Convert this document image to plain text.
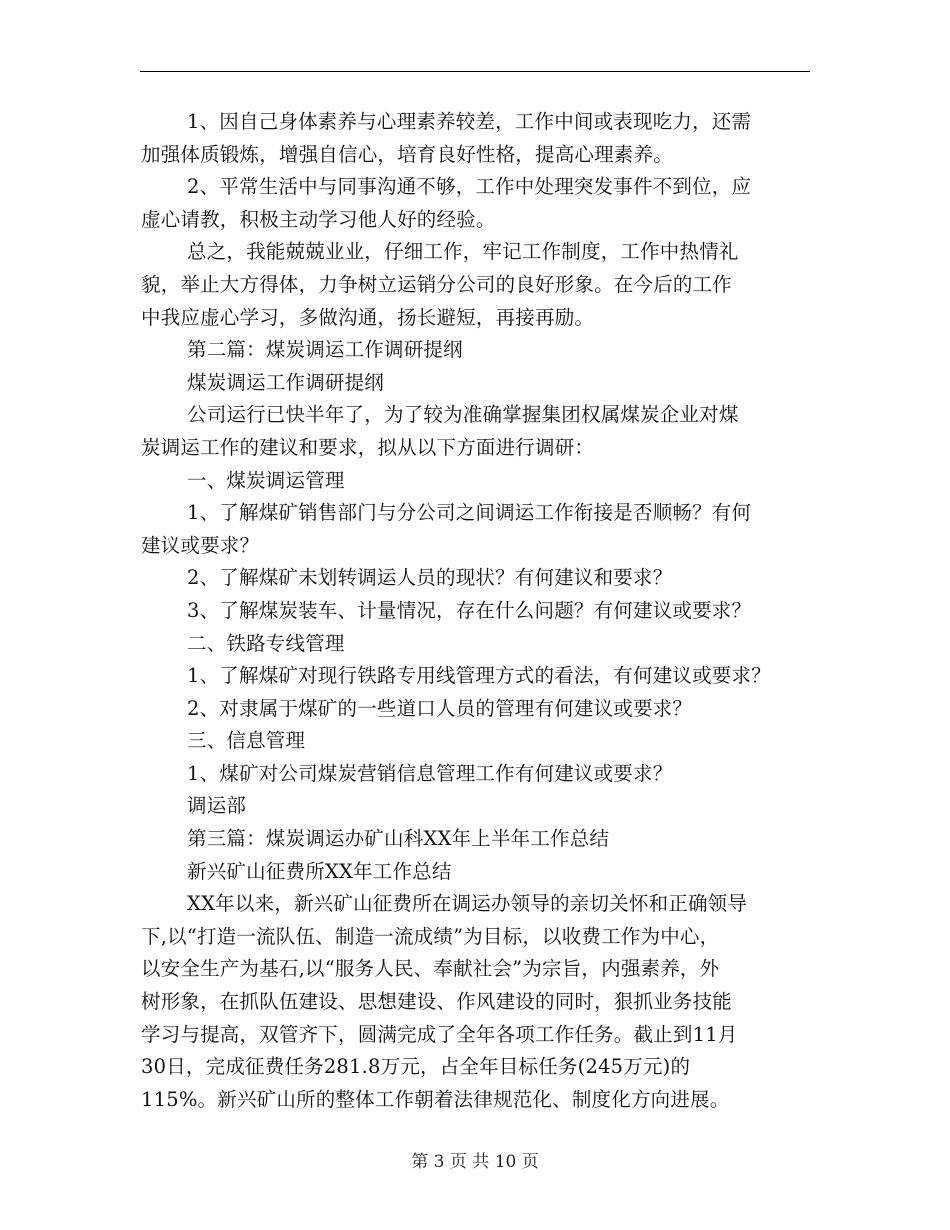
1、因自己身体素养与心理素养较差，工作中间或表现吃力，还需
加强体质锻炼，增强自信心，培育良好性格，提高心理素养。
2、平常生活中与同事沟通不够，工作中处理突发事件不到位，应
虚心请教，积极主动学习他人好的经验。
总之，我能兢兢业业，仔细工作，牢记工作制度，工作中热情礼
貌，举止大方得体，力争树立运销分公司的良好形象。在今后的工作
中我应虚心学习，多做沟通，扬长避短，再接再励。
第二篇：煤炭调运工作调研提纲
煤炭调运工作调研提纲
公司运行已快半年了，为了较为准确掌握集团权属煤炭企业对煤
炭调运工作的建议和要求，拟从以下方面进行调研：
一、煤炭调运管理
1、了解煤矿销售部门与分公司之间调运工作衔接是否顺畅？有何
建议或要求？
2、了解煤矿未划转调运人员的现状？有何建议和要求？
3、了解煤炭装车、计量情况，存在什么问题？有何建议或要求？
二、铁路专线管理
1、了解煤矿对现行铁路专用线管理方式的看法，有何建议或要求？
2、对隶属于煤矿的一些道口人员的管理有何建议或要求？
三、信息管理
1、煤矿对公司煤炭营销信息管理工作有何建议或要求？
调运部
第三篇：煤炭调运办矿山科XX年上半年工作总结
新兴矿山征费所XX年工作总结
XX年以来，新兴矿山征费所在调运办领导的亲切关怀和正确领导
下,以“打造一流队伍、制造一流成绩”为目标，以收费工作为中心，
以安全生产为基石,以“服务人民、奉献社会”为宗旨，内强素养，外
树形象，在抓队伍建设、思想建设、作风建设的同时，狠抓业务技能
学习与提高，双管齐下，圆满完成了全年各项工作任务。截止到11月
30日，完成征费任务281.8万元，占全年目标任务(245万元)的
115%。新兴矿山所的整体工作朝着法律规范化、制度化方向进展。
第 3 页 共 10 页
